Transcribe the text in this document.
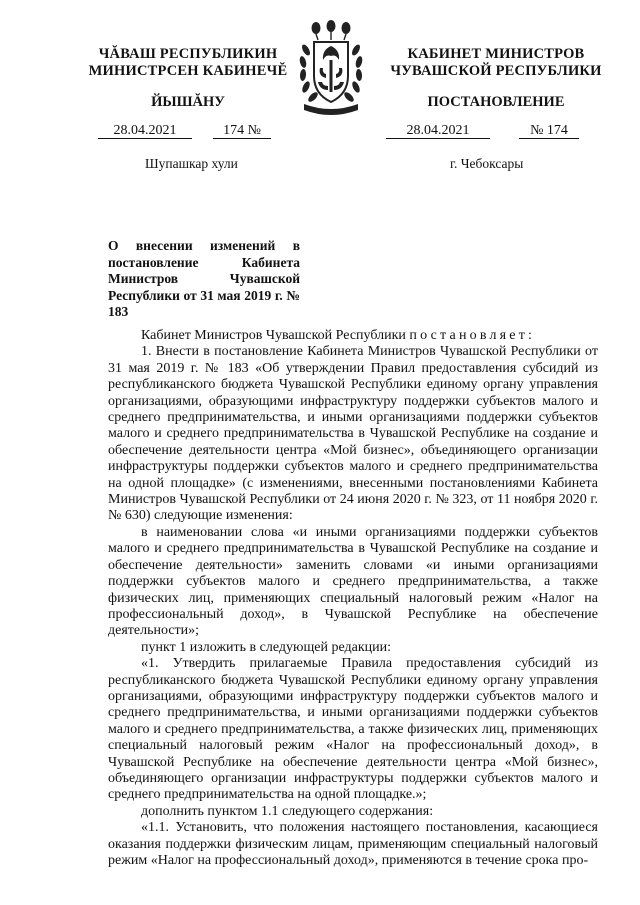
ЧĂВАШ РЕСПУБЛИКИН
МИНИСТРСЕН КАБИНЕЧĔ
КАБИНЕТ МИНИСТРОВ
ЧУВАШСКОЙ РЕСПУБЛИКИ
ЙЫШĂНУ	ПОСТАНОВЛЕНИЕ
28.04.2021	174 №	28.04.2021	№ 174
Шупашкар хули	г. Чебоксары
О внесении изменений в постановление Кабинета Министров Чувашской Республики от 31 мая 2019 г. № 183

Кабинет Министров Чувашской Республики постановляет:

1. Внести в постановление Кабинета Министров Чувашской Республики от 31 мая 2019 г. № 183 «Об утверждении Правил предоставления субсидий из республиканского бюджета Чувашской Республики единому органу управления организациями, образующими инфраструктуру поддержки субъектов малого и среднего предпринимательства, и иными организациями поддержки субъектов малого и среднего предпринимательства в Чувашской Республике на создание и обеспечение деятельности центра «Мой бизнес», объединяющего организации инфраструктуры поддержки субъектов малого и среднего предпринимательства на одной площадке» (с изменениями, внесенными постановлениями Кабинета Министров Чувашской Республики от 24 июня 2020 г. № 323, от 11 ноября 2020 г. № 630) следующие изменения:

в наименовании слова «и иными организациями поддержки субъектов малого и среднего предпринимательства в Чувашской Республике на создание и обеспечение деятельности» заменить словами «и иными организациями поддержки субъектов малого и среднего предпринимательства, а также физических лиц, применяющих специальный налоговый режим «Налог на профессиональный доход», в Чувашской Республике на обеспечение деятельности»;

пункт 1 изложить в следующей редакции:

«1. Утвердить прилагаемые Правила предоставления субсидий из республиканского бюджета Чувашской Республики единому органу управления организациями, образующими инфраструктуру поддержки субъектов малого и среднего предпринимательства, и иными организациями поддержки субъектов малого и среднего предпринимательства, а также физических лиц, применяющих специальный налоговый режим «Налог на профессиональный доход», в Чувашской Республике на обеспечение деятельности центра «Мой бизнес», объединяющего организации инфраструктуры поддержки субъектов малого и среднего предпринимательства на одной площадке.»;

дополнить пунктом 1.1 следующего содержания:

«1.1. Установить, что положения настоящего постановления, касающиеся оказания поддержки физическим лицам, применяющим специальный налоговый режим «Налог на профессиональный доход», применяются в течение срока про-
